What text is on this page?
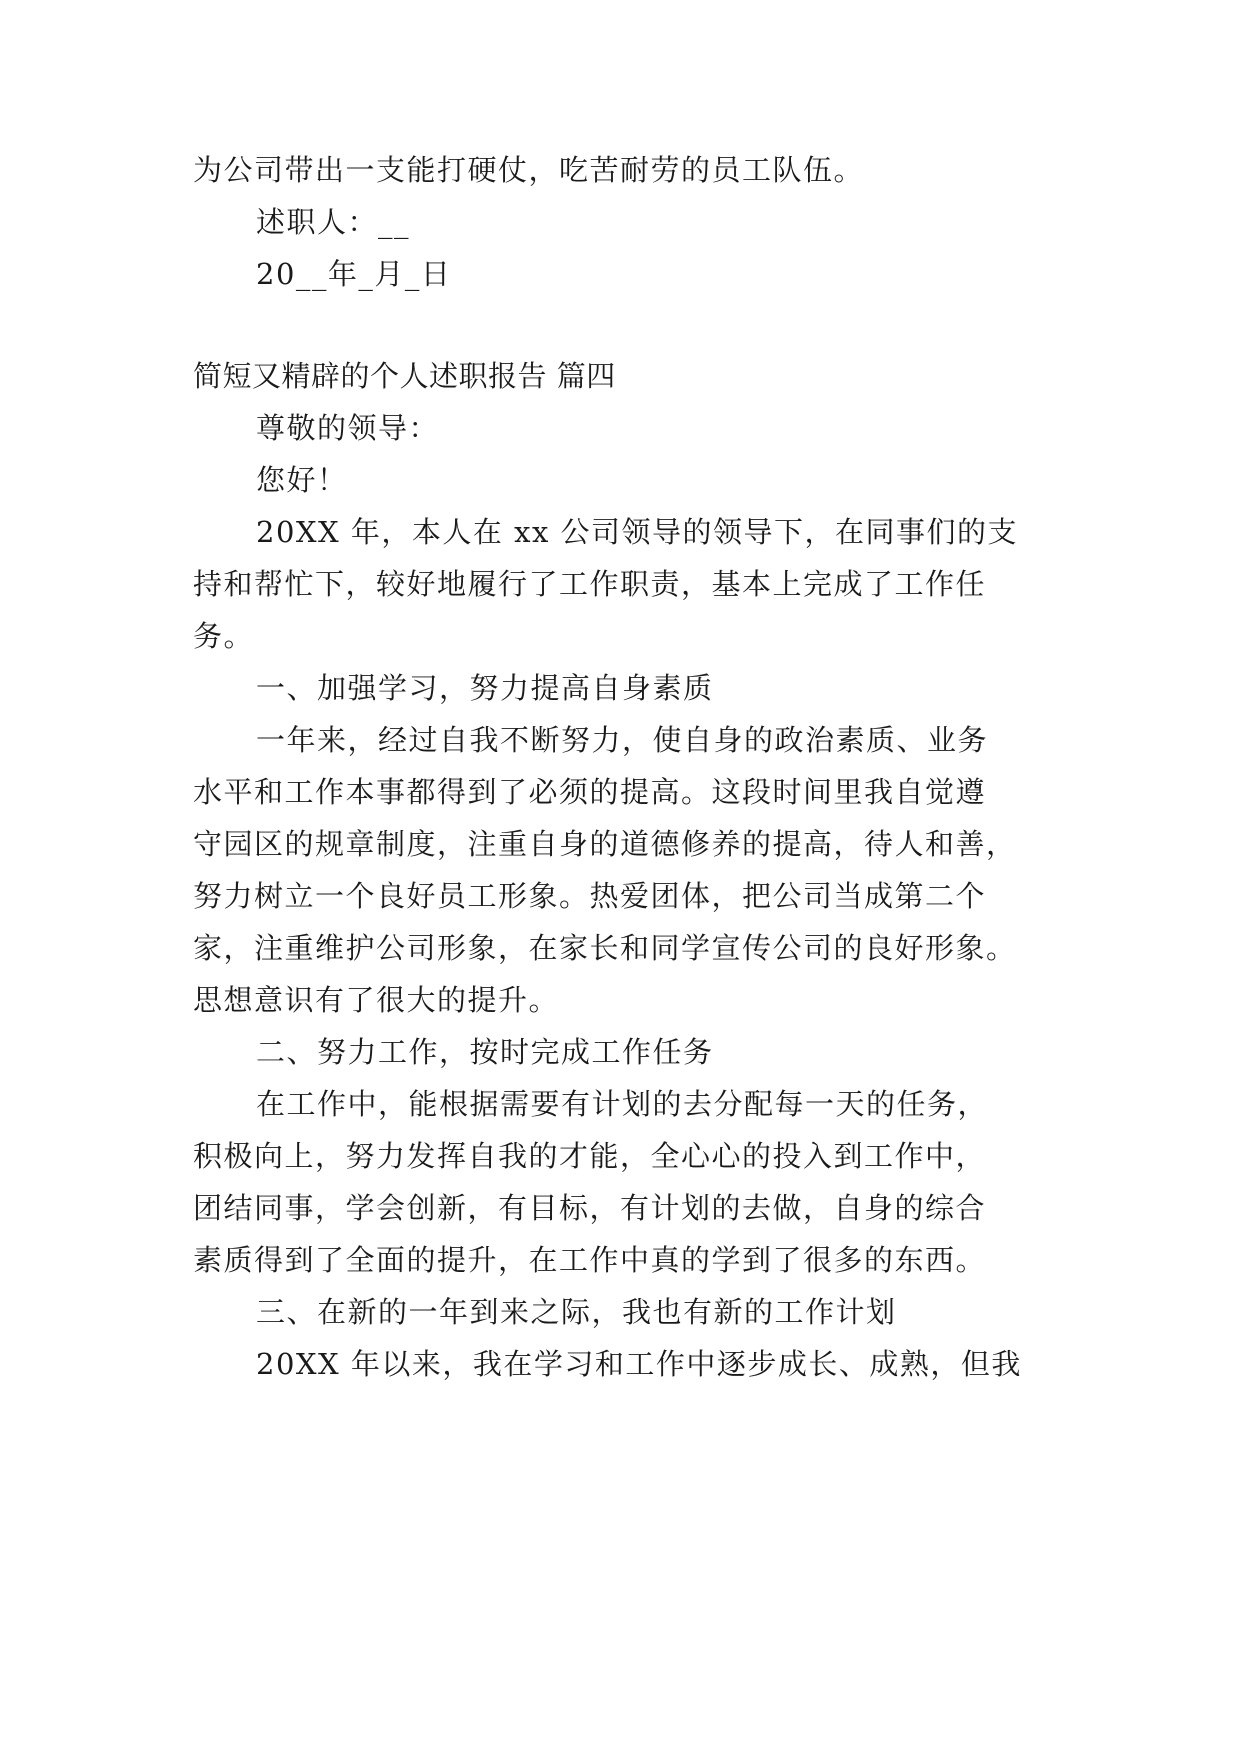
为公司带出一支能打硬仗，吃苦耐劳的员工队伍。
述职人：__
20__年_月_日
简短又精辟的个人述职报告 篇四
尊敬的领导：
您好！
20XX 年，本人在 xx 公司领导的领导下，在同事们的支
持和帮忙下，较好地履行了工作职责，基本上完成了工作任
务。
一、加强学习，努力提高自身素质
一年来，经过自我不断努力，使自身的政治素质、业务
水平和工作本事都得到了必须的提高。这段时间里我自觉遵
守园区的规章制度，注重自身的道德修养的提高，待人和善，
努力树立一个良好员工形象。热爱团体，把公司当成第二个
家，注重维护公司形象，在家长和同学宣传公司的良好形象。
思想意识有了很大的提升。
二、努力工作，按时完成工作任务
在工作中，能根据需要有计划的去分配每一天的任务，
积极向上，努力发挥自我的才能，全心心的投入到工作中，
团结同事，学会创新，有目标，有计划的去做，自身的综合
素质得到了全面的提升，在工作中真的学到了很多的东西。
三、在新的一年到来之际，我也有新的工作计划
20XX 年以来，我在学习和工作中逐步成长、成熟，但我
